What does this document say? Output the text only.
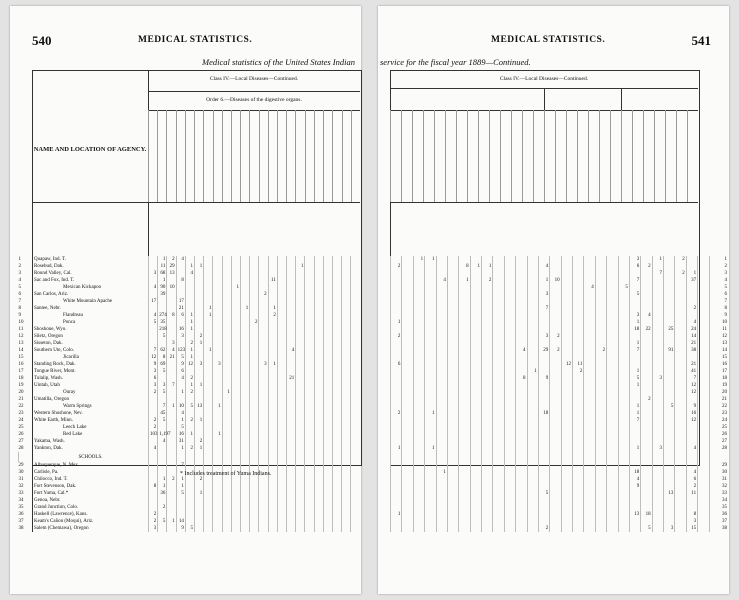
540	MEDICAL STATISTICS.
Medical statistics of the United States Indian
Class IV.—Local Diseases—Continued.
Order 6.—Diseases of the digestive organs.
NAME AND LOCATION OF AGENCY.
1	Quapaw, Ind. T.		1	2	4																			
2	Rosebud, Dak.		11	29		1	1											1						
3	Round Valley, Cal.	3	68	13		4																		
4	Sac and Fox, Ind. T.		1		8										11									
5	Mexican Kickapoo	4	90	10							1													
6	San Carlos, Ariz.		39											2										
7	White Mountain Apache	17			17																			
8	Santee, Nebr.				21			1				1			1									
9	Flandreau	4	274	8	6	1		1							2									
10	Ponca	5	35			1							2											
11	Shoshone, Wyo.		218		16	1																		
12	Siletz, Oregon		5		3		2																	
13	Sisseton, Dak.			3		2	1																	
14	Southern Ute, Colo.	7	62	4	123	1		1									4							
15	Jicarilla	12	8	21	5	1																		
16	Standing Rock, Dak.	9	69		9	12	3		3					3	1									
17	Tongue River, Mont.	3	5		6																			
18	Tulalip, Wash.	6			4	2											21							
19	Uintah, Utah	3	3	7		1	1																	
20	Ouray	2	5		1	2				1														
21	Umatilla, Oregon																							
22	Warm Springs		7	1	10	5	13		1															
23	Western Shoshone, Nev.		45		4																			
24	White Earth, Minn.	2	5		1	2	1																	
25	Leech Lake	2			5																			
26	Red Lake	103	1,197		16	1			1															
27	Yakama, Wash.		4		31		2																	
28	Yankton, Dak.	4			1	2	1																	
	SCHOOLS.																							
29	Albuquerque, N. Mex.				7																			
30	Carlisle, Pa.																							
31	Chilocco, Ind. T.		1	2	1		2																	
32	Fort Stevenson, Dak.	8	1		1																			
33	Fort Yuma, Cal.*		36		5		1																	
34	Genoa, Nebr.																							
35	Grand Junction, Colo.		2																					
36	Haskell (Lawrence), Kans.	2																						
37	Keam's Cañon (Moqui), Ariz.	2	5	1	14																			
38	Salem (Chemawa), Oregon	3			9	5																		
* Includes treatment of Yuma Indians.
MEDICAL STATISTICS.	541
service for the fiscal year 1889—Continued.
Class IV.—Local Diseases—Continued.
			1	1																		3		1		2			1
	2						8	1	1					4								6	2						2
																								7		2	1		3
					4		1		2					1	10							7					37		4
																		4			5								5
														3								5							6
																													7
														7													2		8
																						3	4						9
	1																					1					4		10
																						18	22		25		24		11
	2													3	2												14		12
																						1					21		13
												4		29	2				2			7			91		38		14
																													15
	6															12	11										21		16
													1				2					1					41		17
												8		9								5		3			7		18
																						1					12		19
																											12		20
																							2						21
																						1			5		9		22
	2			1										18								1					16		23
																						7					12		24
																													25
																													26
																													27
	1			1																		1		3			4		28

																													29
					1																	18					4		30
																						4					6		31
																						9					2		32
														5											13		11		33
																													34
																													35
	1																					13	18				8		36
																											3		37
														2									5		3		15		38
